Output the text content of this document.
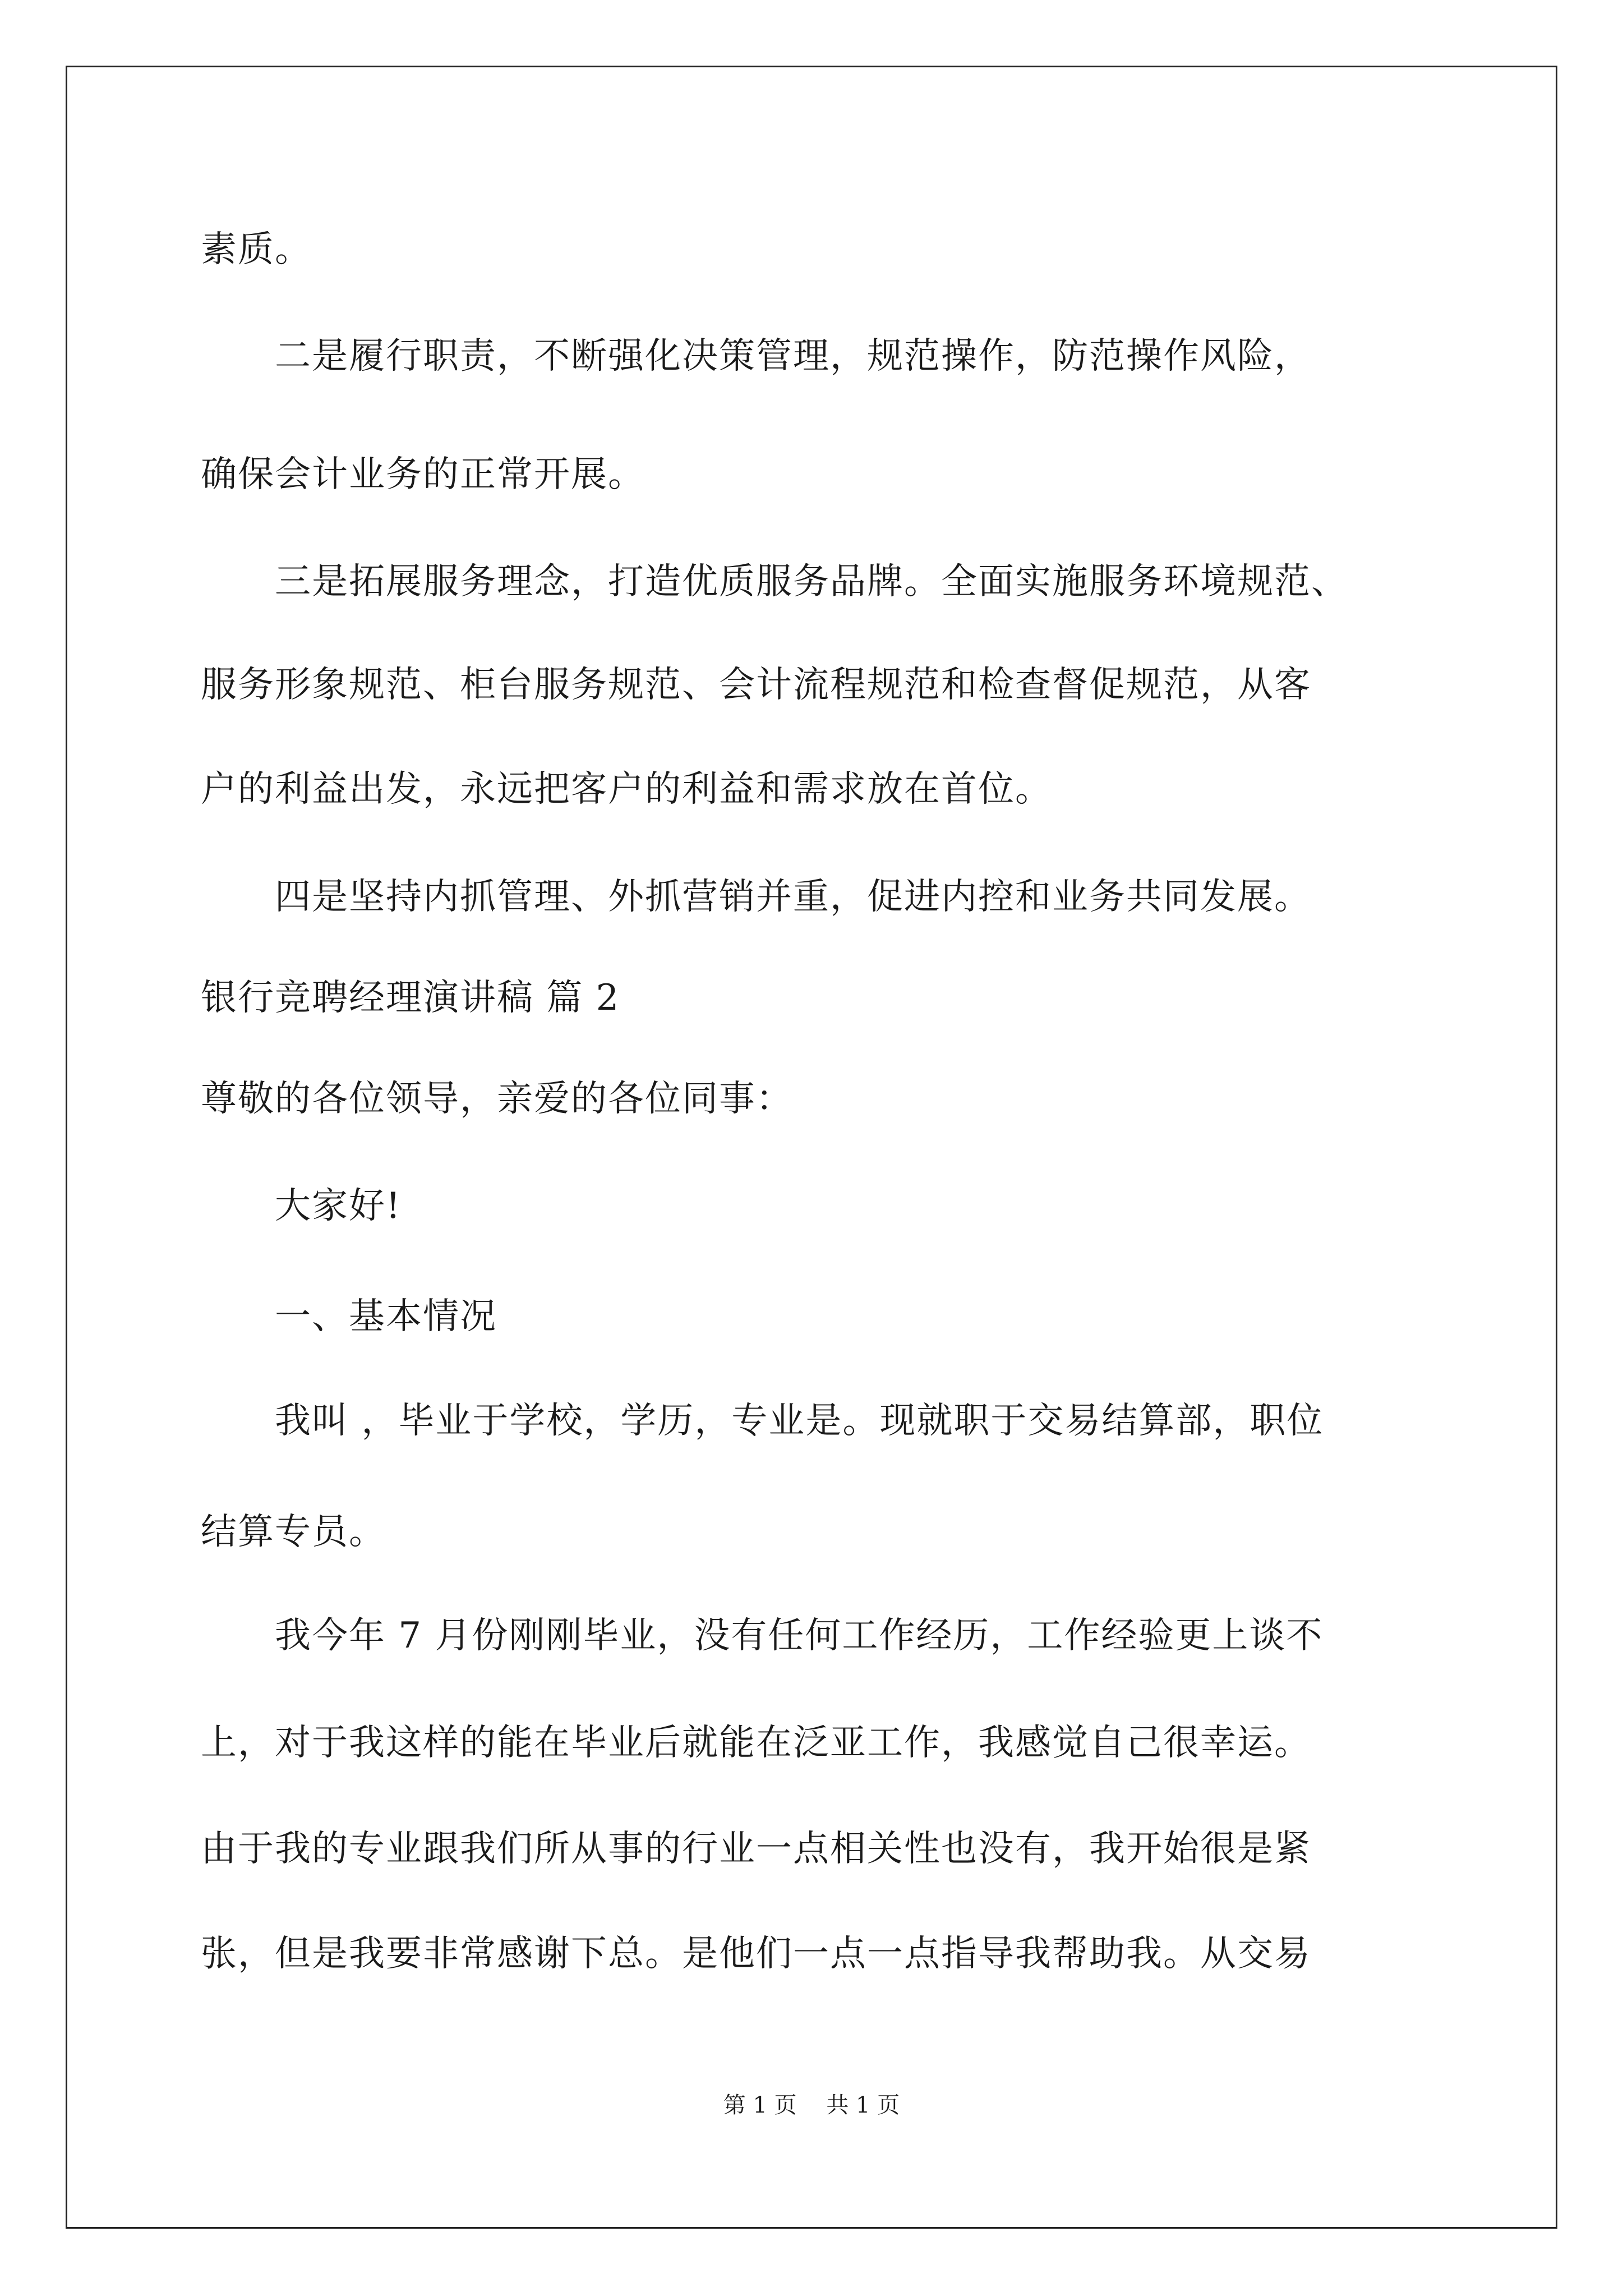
素质。
　　二是履行职责，不断强化决策管理，规范操作，防范操作风险，
确保会计业务的正常开展。
　　三是拓展服务理念，打造优质服务品牌。全面实施服务环境规范、
服务形象规范、柜台服务规范、会计流程规范和检查督促规范，从客
户的利益出发，永远把客户的利益和需求放在首位。
　　四是坚持内抓管理、外抓营销并重，促进内控和业务共同发展。
银行竞聘经理演讲稿 篇 2
尊敬的各位领导，亲爱的各位同事：
　　大家好!
　　一、基本情况
　　我叫 ，毕业于学校，学历，专业是。现就职于交易结算部，职位
结算专员。
　　我今年 7 月份刚刚毕业，没有任何工作经历，工作经验更上谈不
上，对于我这样的能在毕业后就能在泛亚工作，我感觉自己很幸运。
由于我的专业跟我们所从事的行业一点相关性也没有，我开始很是紧
张，但是我要非常感谢下总。是他们一点一点指导我帮助我。从交易
第 1 页　 共 1 页
